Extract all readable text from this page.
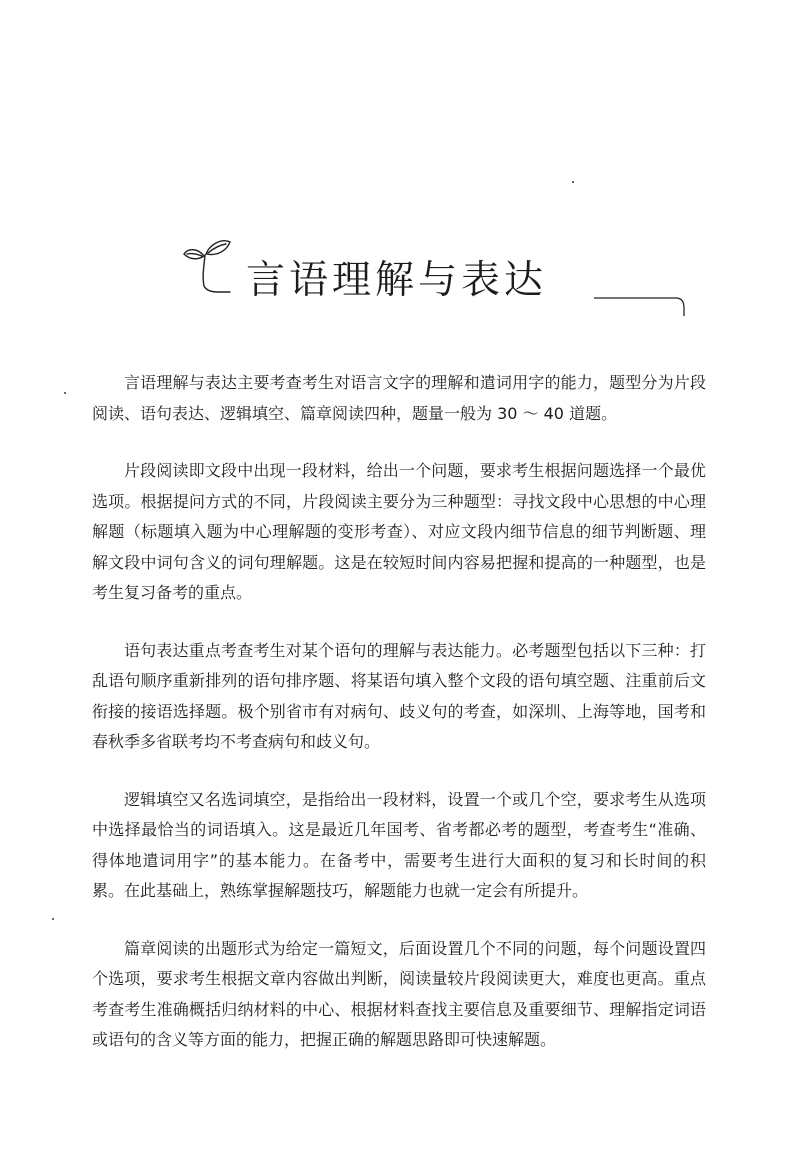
言语理解与表达

言语理解与表达主要考查考生对语言文字的理解和遣词用字的能力，题型分为片段阅读、语句表达、逻辑填空、篇章阅读四种，题量一般为 30 ～ 40 道题。

片段阅读即文段中出现一段材料，给出一个问题，要求考生根据问题选择一个最优选项。根据提问方式的不同，片段阅读主要分为三种题型：寻找文段中心思想的中心理解题（标题填入题为中心理解题的变形考查）、对应文段内细节信息的细节判断题、理解文段中词句含义的词句理解题。这是在较短时间内容易把握和提高的一种题型，也是考生复习备考的重点。

语句表达重点考查考生对某个语句的理解与表达能力。必考题型包括以下三种：打乱语句顺序重新排列的语句排序题、将某语句填入整个文段的语句填空题、注重前后文衔接的接语选择题。极个别省市有对病句、歧义句的考查，如深圳、上海等地，国考和春秋季多省联考均不考查病句和歧义句。

逻辑填空又名选词填空，是指给出一段材料，设置一个或几个空，要求考生从选项中选择最恰当的词语填入。这是最近几年国考、省考都必考的题型，考查考生“准确、得体地遣词用字”的基本能力。在备考中，需要考生进行大面积的复习和长时间的积累。在此基础上，熟练掌握解题技巧，解题能力也就一定会有所提升。

篇章阅读的出题形式为给定一篇短文，后面设置几个不同的问题，每个问题设置四个选项，要求考生根据文章内容做出判断，阅读量较片段阅读更大，难度也更高。重点考查考生准确概括归纳材料的中心、根据材料查找主要信息及重要细节、理解指定词语或语句的含义等方面的能力，把握正确的解题思路即可快速解题。
